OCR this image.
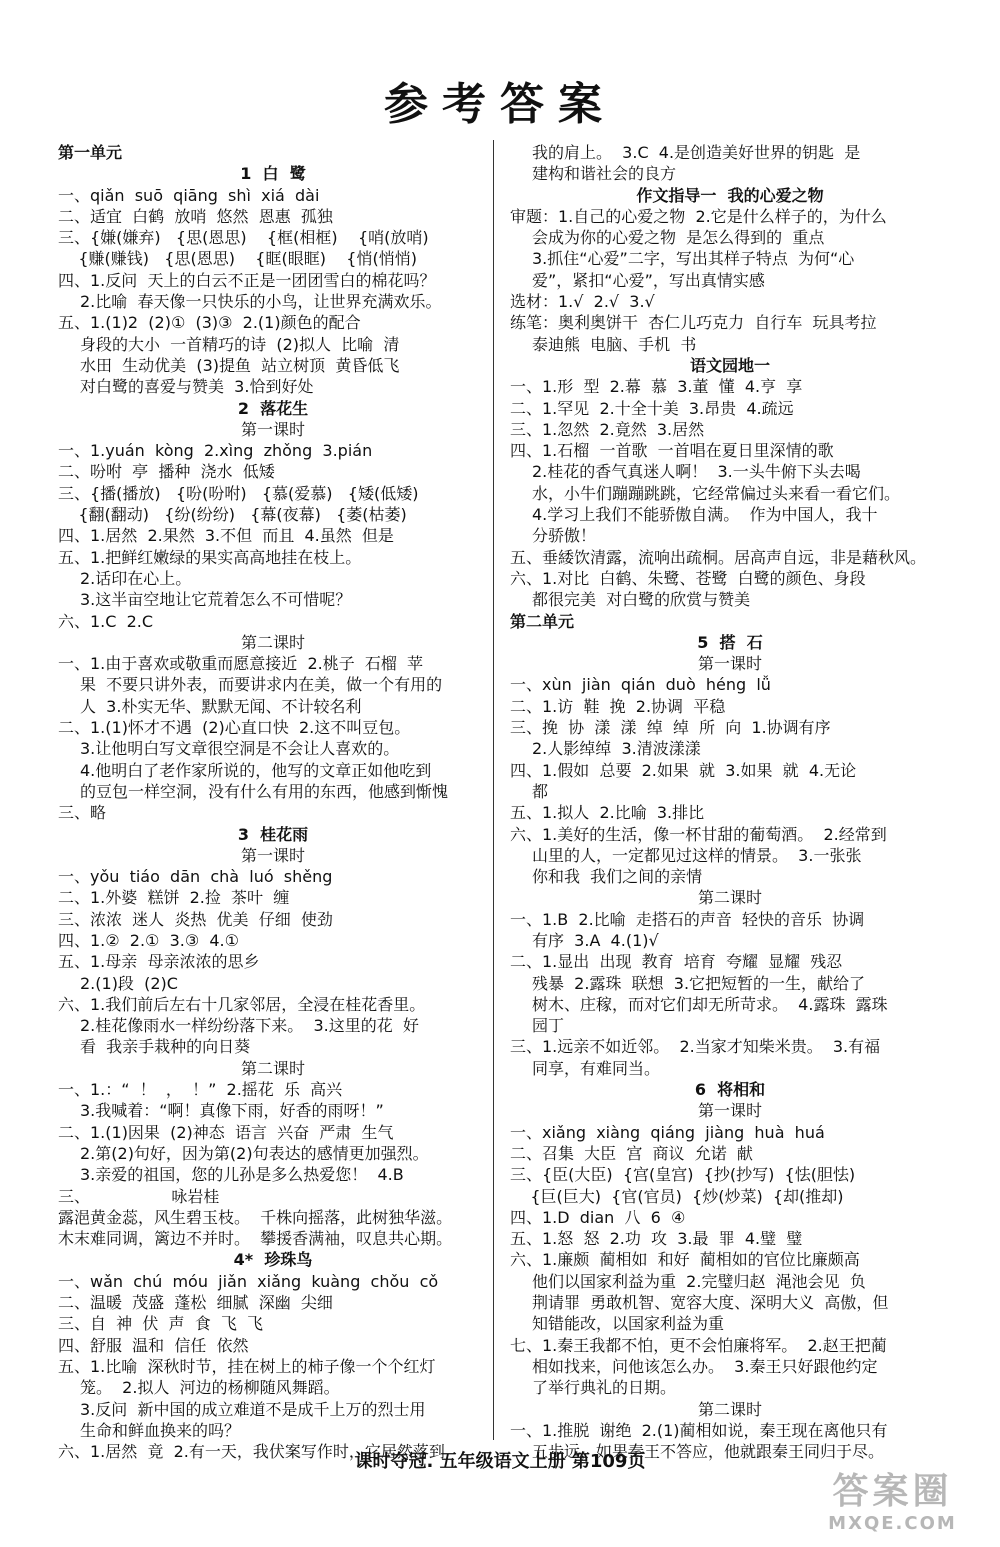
参考答案
第一单元
1  白  鹭
一、qiǎn  suō  qiāng  shì  xiá  dài
二、适宜  白鹤  放哨  悠然  恩惠  孤独
三、{嫌(嫌弃)   {思(恩思)    {框(相框)    {哨(放哨)
{赚(赚钱)   {思(恩思)    {眶(眼眶)    {悄(悄悄)
四、1.反问  天上的白云不正是一团团雪白的棉花吗？
2.比喻  春天像一只快乐的小鸟，让世界充满欢乐。
五、1.(1)2  (2)①  (3)③  2.(1)颜色的配合
身段的大小  一首精巧的诗  (2)拟人  比喻  清
水田  生动优美  (3)提鱼  站立树顶  黄昏低飞
对白鹭的喜爱与赞美  3.恰到好处
2  落花生
第一课时
一、1.yuán  kòng  2.xìng  zhǒng  3.pián
二、吩咐  亭  播种  浇水  低矮
三、{播(播放)   {吩(吩咐)   {慕(爱慕)   {矮(低矮)
{翻(翻动)   {纷(纷纷)   {幕(夜幕)   {萎(枯萎)
四、1.居然  2.果然  3.不但  而且  4.虽然  但是
五、1.把鲜红嫩绿的果实高高地挂在枝上。
2.话印在心上。
3.这半亩空地让它荒着怎么不可惜呢？
六、1.C  2.C
第二课时
一、1.由于喜欢或敬重而愿意接近  2.桃子  石榴  苹
果  不要只讲外表，而要讲求内在美，做一个有用的
人  3.朴实无华、默默无闻、不计较名利
二、1.(1)怀才不遇  (2)心直口快  2.这不叫豆包。
3.让他明白写文章很空洞是不会让人喜欢的。
4.他明白了老作家所说的，他写的文章正如他吃到
的豆包一样空洞，没有什么有用的东西，他感到惭愧
三、略
3  桂花雨
第一课时
一、yǒu  tiáo  dān  chà  luó  shěng
二、1.外婆  糕饼  2.捡  茶叶  缠
三、浓浓  迷人  炎热  优美  仔细  使劲
四、1.②  2.①  3.③  4.①
五、1.母亲  母亲浓浓的思乡
2.(1)段  (2)C
六、1.我们前后左右十几家邻居，全浸在桂花香里。
2.桂花像雨水一样纷纷落下来。  3.这里的花  好
看  我亲手栽种的向日葵
第二课时
一、1.：“  ！  ，  ！”  2.摇花  乐  高兴
3.我喊着：“啊！真像下雨，好香的雨呀！”
二、1.(1)因果  (2)神态  语言  兴奋  严肃  生气
2.第(2)句好，因为第(2)句表达的感情更加强烈。
3.亲爱的祖国，您的儿孙是多么热爱您！  4.B
三、                咏岩桂
露浥黄金蕊，风生碧玉枝。  千株向摇落，此树独华滋。
木末难同调，篱边不并时。  攀援香满袖，叹息共心期。
4*  珍珠鸟
一、wǎn  chú  móu  jiǎn  xiǎng  kuàng  chǒu  cǒ
二、温暖  茂盛  蓬松  细腻  深幽  尖细
三、自  神  伏  声  食  飞  飞
四、舒服  温和  信任  依然
五、1.比喻  深秋时节，挂在树上的柿子像一个个红灯
笼。  2.拟人  河边的杨柳随风舞蹈。
3.反问  新中国的成立难道不是成千上万的烈士用
生命和鲜血换来的吗？
六、1.居然  竟  2.有一天，我伏案写作时，它居然落到
我的肩上。  3.C  4.是创造美好世界的钥匙  是
建构和谐社会的良方
作文指导一  我的心爱之物
审题：1.自己的心爱之物  2.它是什么样子的，为什么
会成为你的心爱之物  是怎么得到的  重点
3.抓住“心爱”二字，写出其样子特点  为何“心
爱”，紧扣“心爱”，写出真情实感
选材：1.√  2.√  3.√
练笔：奥利奥饼干  杏仁儿巧克力  自行车  玩具考拉
泰迪熊  电脑、手机  书
语文园地一
一、1.形  型  2.幕  慕  3.董  懂  4.亨  享
二、1.罕见  2.十全十美  3.昂贵  4.疏远
三、1.忽然  2.竟然  3.居然
四、1.石榴  一首歌  一首唱在夏日里深情的歌
2.桂花的香气真迷人啊！  3.一头牛俯下头去喝
水，小牛们蹦蹦跳跳，它经常偏过头来看一看它们。
4.学习上我们不能骄傲自满。  作为中国人，我十
分骄傲！
五、垂緌饮清露，流响出疏桐。居高声自远，非是藉秋风。
六、1.对比  白鹤、朱鹭、苍鹭  白鹭的颜色、身段
都很完美  对白鹭的欣赏与赞美
第二单元
5  搭  石
第一课时
一、xùn  jiàn  qián  duò  héng  lǚ
二、1.访  鞋  挽  2.协调  平稳
三、挽  协  漾  漾  绰  绰  所  向  1.协调有序
2.人影绰绰  3.清波漾漾
四、1.假如  总要  2.如果  就  3.如果  就  4.无论
都
五、1.拟人  2.比喻  3.排比
六、1.美好的生活，像一杯甘甜的葡萄酒。  2.经常到
山里的人，一定都见过这样的情景。  3.一张张
你和我  我们之间的亲情
第二课时
一、1.B  2.比喻  走搭石的声音  轻快的音乐  协调
有序  3.A  4.(1)√
二、1.显出  出现  教育  培育  夸耀  显耀  残忍
残暴  2.露珠  联想  3.它把短暂的一生，献给了
树木、庄稼，而对它们却无所苛求。  4.露珠  露珠
园丁
三、1.远亲不如近邻。  2.当家才知柴米贵。  3.有福
同享，有难同当。
6  将相和
第一课时
一、xiǎng  xiàng  qiáng  jiàng  huà  huá
二、召集  大臣  宫  商议  允诺  献
三、{臣(大臣)  {宫(皇宫)  {抄(抄写)  {怯(胆怯)
{巨(巨大)  {官(官员)  {炒(炒菜)  {却(推却)
四、1.D  dian  八  6  ④
五、1.怒  怒  2.功  攻  3.最  罪  4.璧  璧
六、1.廉颇  蔺相如  和好  蔺相如的官位比廉颇高
他们以国家利益为重  2.完璧归赵  渑池会见  负
荆请罪  勇敢机智、宽容大度、深明大义  高傲，但
知错能改，以国家利益为重
七、1.秦王我都不怕，更不会怕廉将军。  2.赵王把蔺
相如找来，问他该怎么办。  3.秦王只好跟他约定
了举行典礼的日期。
第二课时
一、1.推脱  谢绝  2.(1)蔺相如说，秦王现在离他只有
五步远，如果秦王不答应，他就跟秦王同归于尽。
课时夺冠. 五年级语文上册 第109页
答案圈
MXQE.COM
